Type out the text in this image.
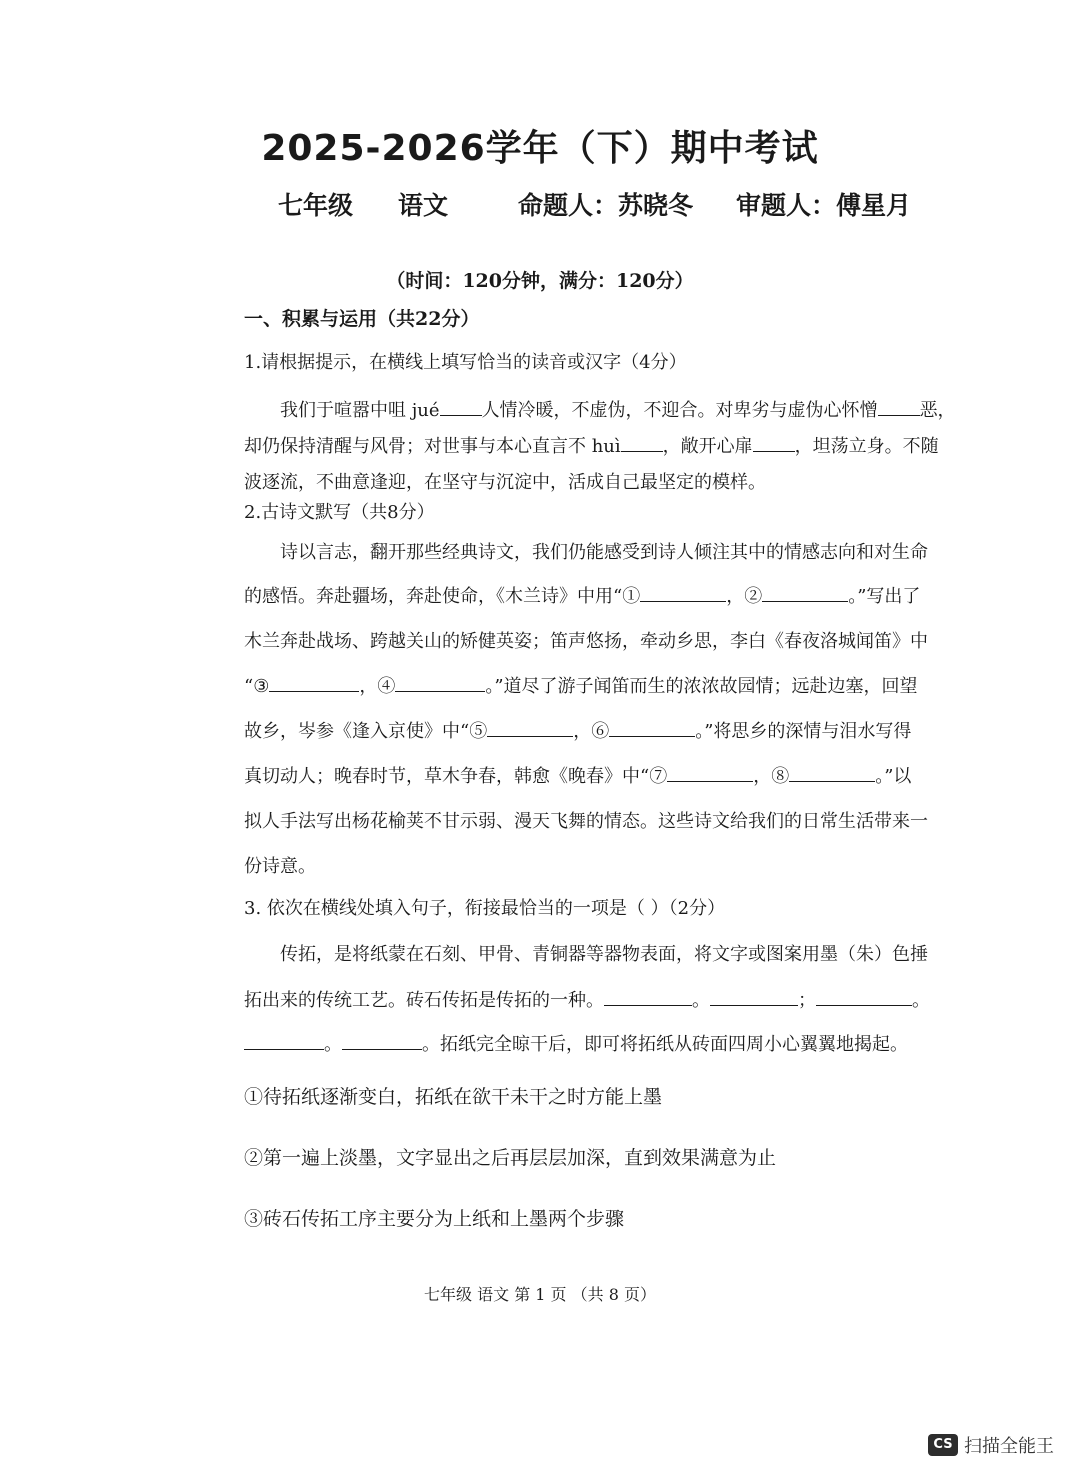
2025-2026学年（下）期中考试
七年级 语文	命题人：苏晓冬 审题人：傅星月
（时间：120分钟，满分：120分）
一、积累与运用（共22分）
1.请根据提示，在横线上填写恰当的读音或汉字（4分）
我们于喧嚣中咀 jué 人情冷暖，不虚伪，不迎合。对卑劣与虚伪心怀憎 恶，
却仍保持清醒与风骨；对世事与本心直言不 huì ，敞开心扉 ，坦荡立身。不随
波逐流，不曲意逢迎，在坚守与沉淀中，活成自己最坚定的模样。
2.古诗文默写（共8分）
诗以言志，翻开那些经典诗文，我们仍能感受到诗人倾注其中的情感志向和对生命
的感悟。奔赴疆场，奔赴使命，《木兰诗》中用“①	，②	。”写出了
木兰奔赴战场、跨越关山的矫健英姿；笛声悠扬，牵动乡思，李白《春夜洛城闻笛》中
“③	，④	。”道尽了游子闻笛而生的浓浓故园情；远赴边塞，回望
故乡，岑参《逢入京使》中“⑤	，⑥	。”将思乡的深情与泪水写得
真切动人；晚春时节，草木争春，韩愈《晚春》中“⑦	，⑧	。”以
拟人手法写出杨花榆荚不甘示弱、漫天飞舞的情态。这些诗文给我们的日常生活带来一
份诗意。
3. 依次在横线处填入句子，衔接最恰当的一项是（ ）（2分）
传拓，是将纸蒙在石刻、甲骨、青铜器等器物表面，将文字或图案用墨（朱）色捶
拓出来的传统工艺。砖石传拓是传拓的一种。	。	；	。
。	。拓纸完全晾干后，即可将拓纸从砖面四周小心翼翼地揭起。
①待拓纸逐渐变白，拓纸在欲干未干之时方能上墨
②第一遍上淡墨，文字显出之后再层层加深，直到效果满意为止
③砖石传拓工序主要分为上纸和上墨两个步骤
七年级 语文 第 1 页 （共 8 页）
CS 扫描全能王
